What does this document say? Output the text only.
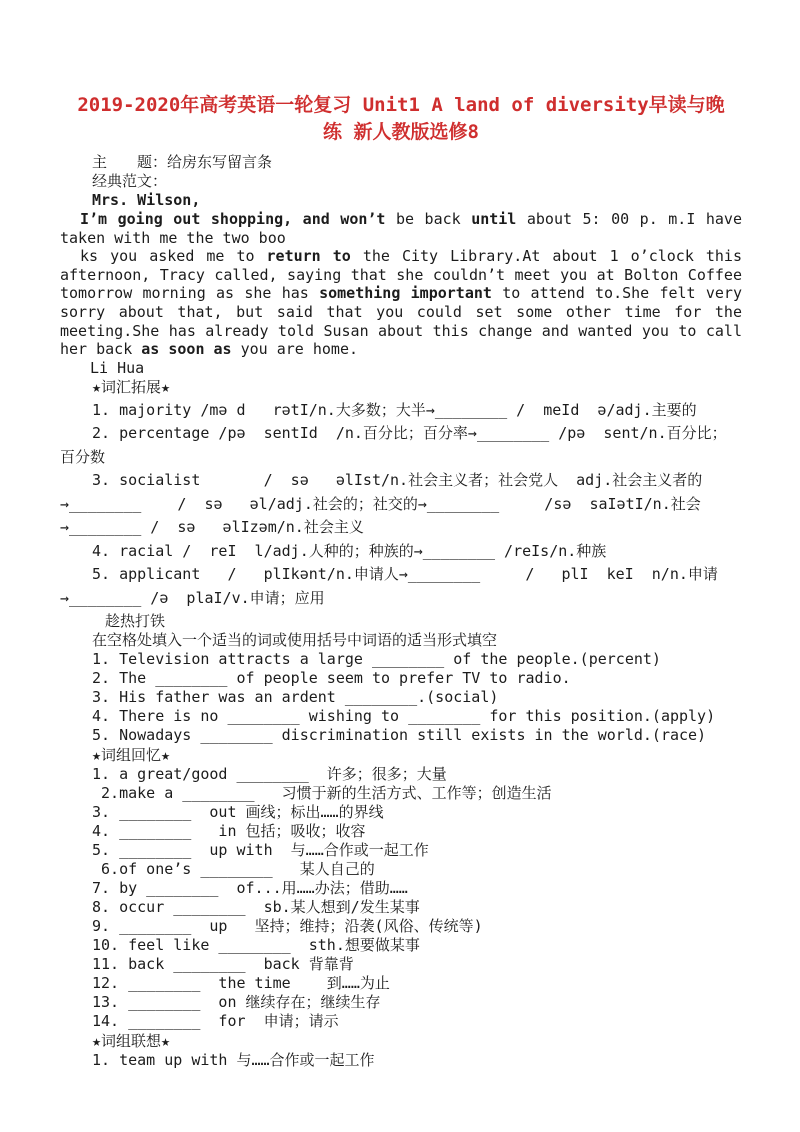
2019-2020年高考英语一轮复习 Unit1 A land of diversity早读与晚练 新人教版选修8
主　　题：给房东写留言条
经典范文：
Mrs. Wilson,

I’m going out shopping, and won’t be back until about 5: 00 p. m.I have taken with me the two boo

ks you asked me to return to the City Library.At about 1 o’clock this afternoon, Tracy called, saying that she couldn’t meet you at Bolton Coffee tomorrow morning as she has something important to attend to.She felt very sorry about that, but said that you could set some other time for the meeting.She has already told Susan about this change and wanted you to call her back as soon as you are home.

Li Hua
★词汇拓展★
1. majority /mə d   rətI/n.大多数；大半→________ /  meId  ə/adj.主要的
2. percentage /pə  sentId  /n.百分比；百分率→________ /pə  sent/n.百分比；
百分数
3. socialist       /  sə   əlIst/n.社会主义者；社会党人  adj.社会主义者的
→________    /  sə   əl/adj.社会的；社交的→________     /sə  saIətI/n.社会
→________ /  sə   əlIzəm/n.社会主义
4. racial /  reI  l/adj.人种的；种族的→________ /reIs/n.种族
5. applicant   /   plIkənt/n.申请人→________     /   plI  keI  n/n.申请
→________ /ə  plaI/v.申请；应用
趁热打铁
在空格处填入一个适当的词或使用括号中词语的适当形式填空
1. Television attracts a large ________ of the people.(percent)
2. The ________ of people seem to prefer TV to radio.
3. His father was an ardent ________.(social)
4. There is no ________ wishing to ________ for this position.(apply)
5. Nowadays ________ discrimination still exists in the world.(race)
★词组回忆★
1. a great/good ________  许多；很多；大量
2.make a ________   习惯于新的生活方式、工作等；创造生活
3. ________  out 画线；标出……的界线
4. ________   in 包括；吸收；收容
5. ________  up with  与……合作或一起工作
6.of one’s ________   某人自己的
7. by ________  of...用……办法；借助……
8. occur ________  sb.某人想到/发生某事
9. ________  up   坚持；维持；沿袭(风俗、传统等)
10. feel like ________  sth.想要做某事
11. back ________  back 背靠背
12. ________  the time    到……为止
13. ________  on 继续存在；继续生存
14. ________  for  申请；请示
★词组联想★
1. team up with 与……合作或一起工作
